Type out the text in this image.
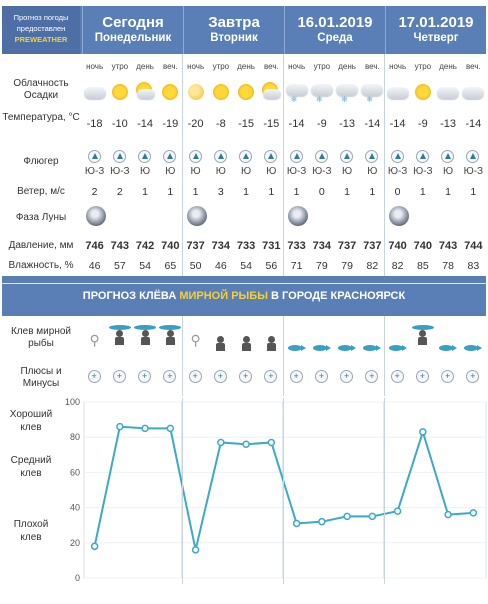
Прогноз погоды
предоставлен
PREWEATHER
Сегодня
Понедельник
Завтра
Вторник
16.01.2019
Среда
17.01.2019
Четверг
Облачность Осадки
Температура, °C
Флюгер
Ветер, м/с
Фаза Луны
Давление, мм
Влажность, %
Клев мирной рыбы
Плюсы и Минусы
ПРОГНОЗ КЛЁВА МИРНОЙ РЫБЫ В ГОРОДЕ КРАСНОЯРСК
Хороший клев
Средний клев
Плохой клев
0
20
40
60
80
100
ночь
-18
Ю-З
2
746
46
⚲
+
утро
-10
Ю-З
2
743
57
+
день
-14
Ю
1
742
54
+
веч.
-19
Ю
1
740
65
+
ночь
-20
Ю
1
737
50
⚲
+
утро
-8
Ю
3
734
46
+
день
-15
Ю
1
733
54
+
веч.
-15
Ю
1
731
56
+
ночь
❄
-14
Ю-З
1
733
71
+
утро
❄
-9
Ю-З
0
734
79
+
день
❄
-13
Ю
1
737
79
+
веч.
❄
-14
Ю
1
737
82
+
ночь
-14
Ю-З
0
740
82
+
утро
-9
Ю-З
1
740
85
+
день
-13
Ю
1
743
78
+
веч.
-14
Ю-З
1
744
83
+
